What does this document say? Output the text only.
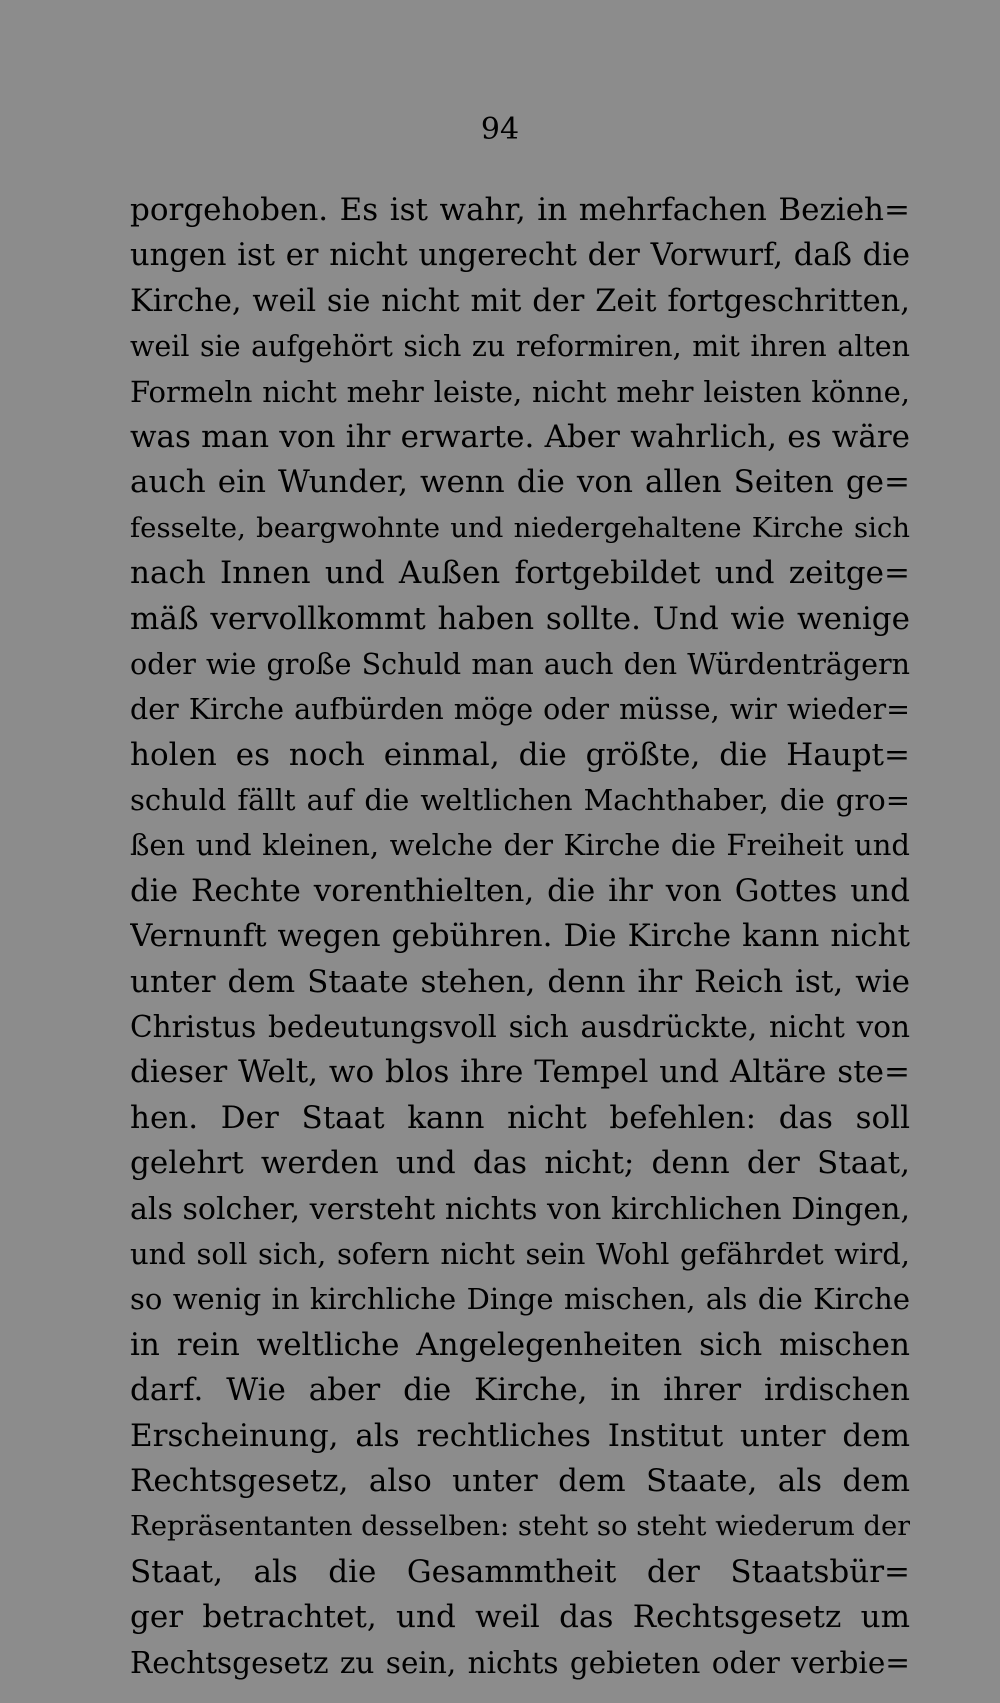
94
porgehoben. Es ist wahr, in mehrfachen Bezieh=
ungen ist er nicht ungerecht der Vorwurf, daß die
Kirche, weil sie nicht mit der Zeit fortgeschritten,
weil sie aufgehört sich zu reformiren, mit ihren alten
Formeln nicht mehr leiste, nicht mehr leisten könne,
was man von ihr erwarte. Aber wahrlich, es wäre
auch ein Wunder, wenn die von allen Seiten ge=
fesselte, beargwohnte und niedergehaltene Kirche sich
nach Innen und Außen fortgebildet und zeitge=
mäß vervollkommt haben sollte. Und wie wenige
oder wie große Schuld man auch den Würdenträgern
der Kirche aufbürden möge oder müsse, wir wieder=
holen es noch einmal, die größte, die Haupt=
schuld fällt auf die weltlichen Machthaber, die gro=
ßen und kleinen, welche der Kirche die Freiheit und
die Rechte vorenthielten, die ihr von Gottes und
Vernunft wegen gebühren. Die Kirche kann nicht
unter dem Staate stehen, denn ihr Reich ist, wie
Christus bedeutungsvoll sich ausdrückte, nicht von
dieser Welt, wo blos ihre Tempel und Altäre ste=
hen. Der Staat kann nicht befehlen: das soll
gelehrt werden und das nicht; denn der Staat,
als solcher, versteht nichts von kirchlichen Dingen,
und soll sich, sofern nicht sein Wohl gefährdet wird,
so wenig in kirchliche Dinge mischen, als die Kirche
in rein weltliche Angelegenheiten sich mischen
darf. Wie aber die Kirche, in ihrer irdischen
Erscheinung, als rechtliches Institut unter dem
Rechtsgesetz, also unter dem Staate, als dem
Repräsentanten desselben: steht so steht wiederum der
Staat, als die Gesammtheit der Staatsbür=
ger betrachtet, und weil das Rechtsgesetz um
Rechtsgesetz zu sein, nichts gebieten oder verbie=
